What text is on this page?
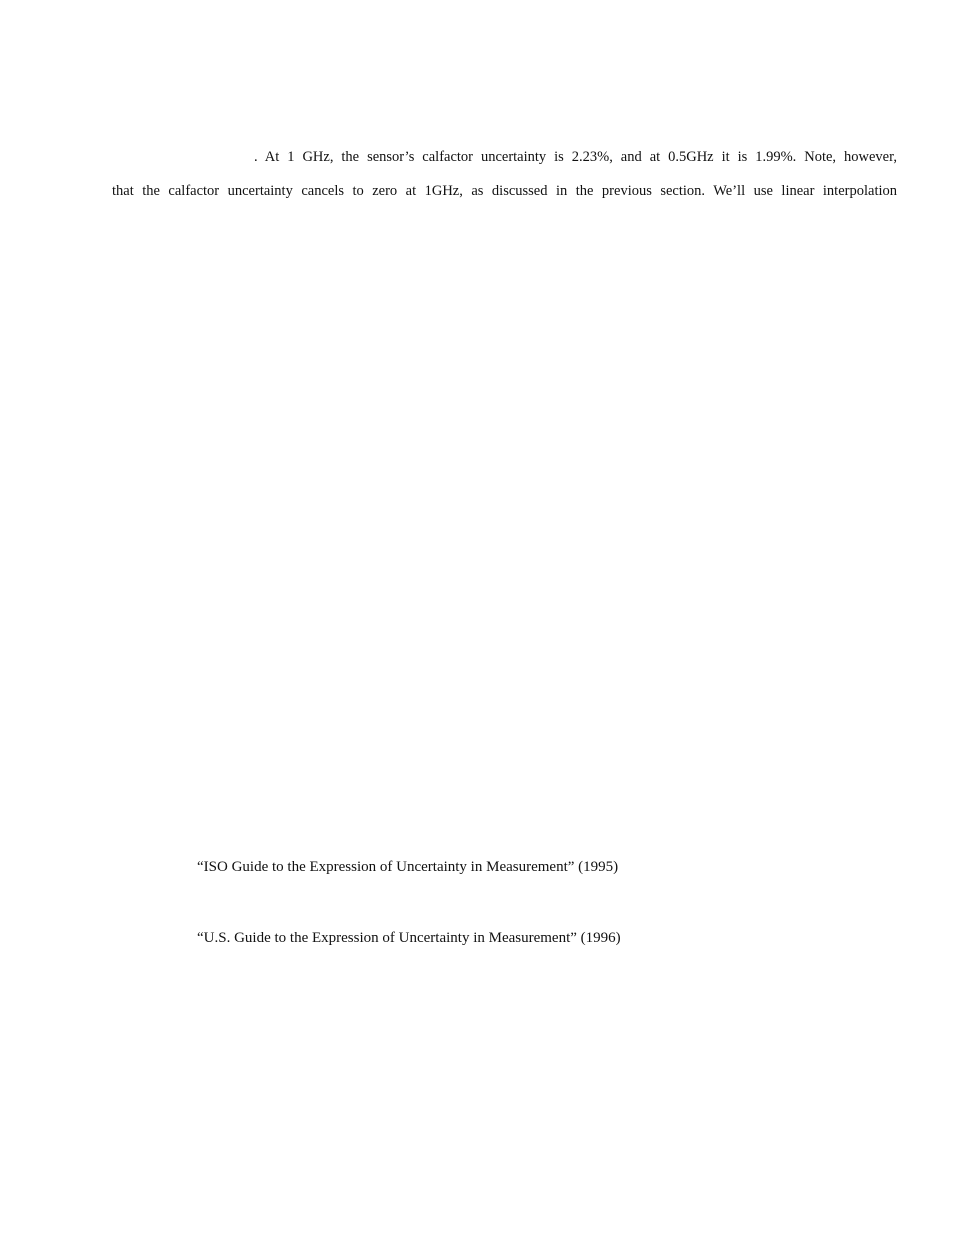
. At 1 GHz, the sensor’s calfactor uncertainty is 2.23%, and at 0.5GHz it is 1.99%. Note, however,
that the calfactor uncertainty cancels to zero at 1GHz, as discussed in the previous section. We’ll use linear interpolation
“ISO Guide to the Expression of Uncertainty in Measurement” (1995)
“U.S. Guide to the Expression of Uncertainty in Measurement” (1996)
